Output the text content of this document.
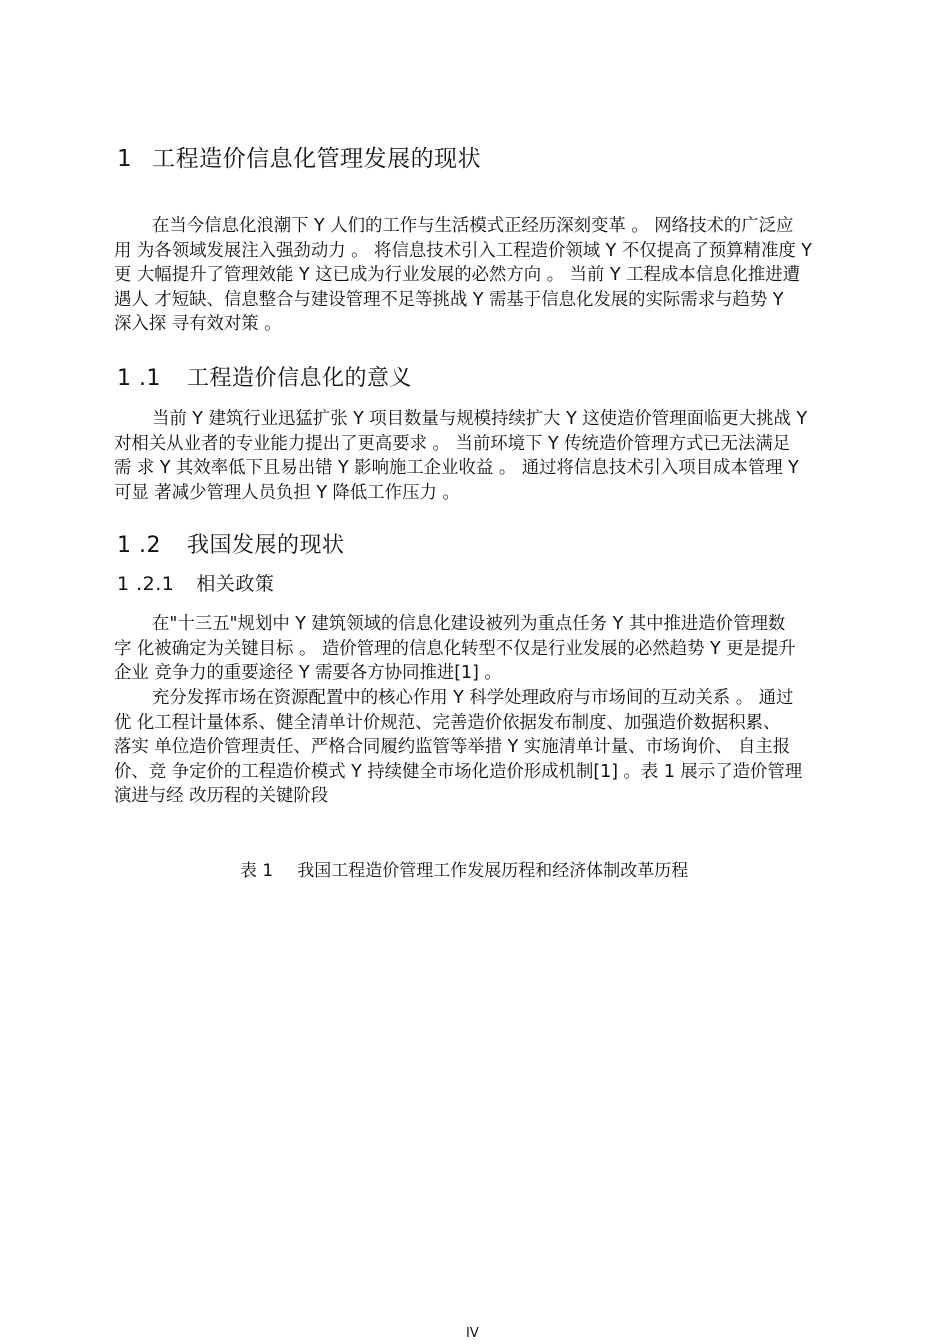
1 工程造价信息化管理发展的现状
在当今信息化浪潮下 Y 人们的工作与生活模式正经历深刻变革 。 网络技术的广泛应
用 为各领域发展注入强劲动力 。 将信息技术引入工程造价领域 Y 不仅提高了预算精准度 Y
更 大幅提升了管理效能 Y 这已成为行业发展的必然方向 。 当前 Y 工程成本信息化推进遭
遇人 才短缺、信息整合与建设管理不足等挑战 Y 需基于信息化发展的实际需求与趋势 Y
深入探 寻有效对策 。
1 .1 工程造价信息化的意义
当前 Y 建筑行业迅猛扩张 Y 项目数量与规模持续扩大 Y 这使造价管理面临更大挑战 Y
对相关从业者的专业能力提出了更高要求 。 当前环境下 Y 传统造价管理方式已无法满足
需 求 Y 其效率低下且易出错 Y 影响施工企业收益 。 通过将信息技术引入项目成本管理 Y
可显 著减少管理人员负担 Y 降低工作压力 。
1 .2 我国发展的现状
1 .2.1 相关政策
在"十三五"规划中 Y 建筑领域的信息化建设被列为重点任务 Y 其中推进造价管理数
字 化被确定为关键目标 。 造价管理的信息化转型不仅是行业发展的必然趋势 Y 更是提升
企业 竞争力的重要途径 Y 需要各方协同推进[1] 。
充分发挥市场在资源配置中的核心作用 Y 科学处理政府与市场间的互动关系 。 通过
优 化工程计量体系、健全清单计价规范、完善造价依据发布制度、加强造价数据积累、
落实 单位造价管理责任、严格合同履约监管等举措 Y 实施清单计量、市场询价、 自主报
价、竞 争定价的工程造价模式 Y 持续健全市场化造价形成机制[1] 。表 1 展示了造价管理
演进与经 改历程的关键阶段
表 1 我国工程造价管理工作发展历程和经济体制改革历程
IV
